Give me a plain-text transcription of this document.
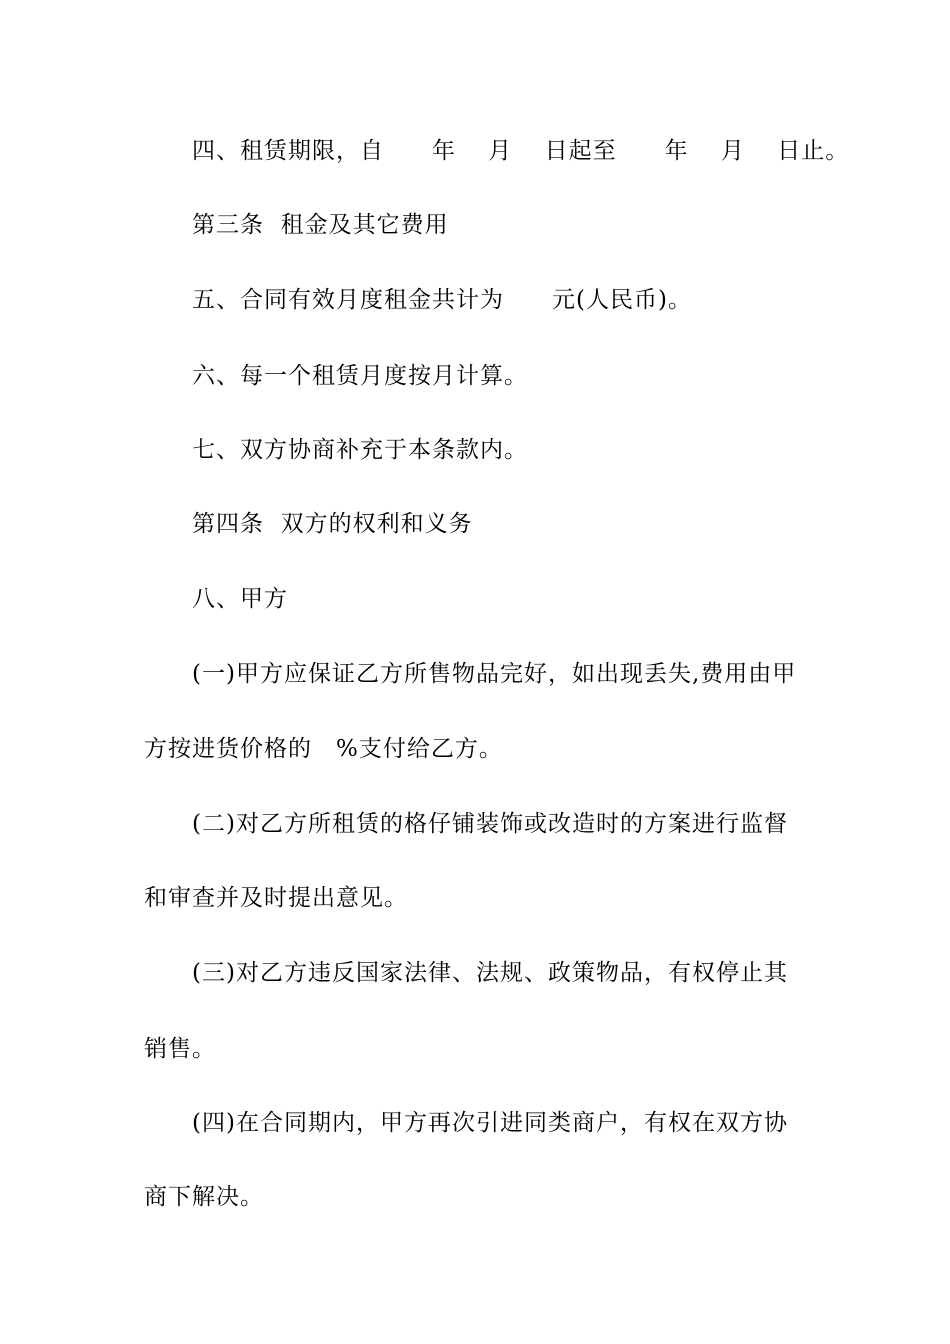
四、租赁期限，自　　年　 月　 日起至　　年　 月　 日止。

第三条  租金及其它费用

五、合同有效月度租金共计为　　元(人民币)。

六、每一个租赁月度按月计算。

七、双方协商补充于本条款内。

第四条  双方的权利和义务

八、甲方

(一)甲方应保证乙方所售物品完好，如出现丢失,费用由甲

方按进货价格的　%支付给乙方。

(二)对乙方所租赁的格仔铺装饰或改造时的方案进行监督

和审查并及时提出意见。

(三)对乙方违反国家法律、法规、政策物品，有权停止其

销售。

(四)在合同期内，甲方再次引进同类商户，有权在双方协

商下解决。
